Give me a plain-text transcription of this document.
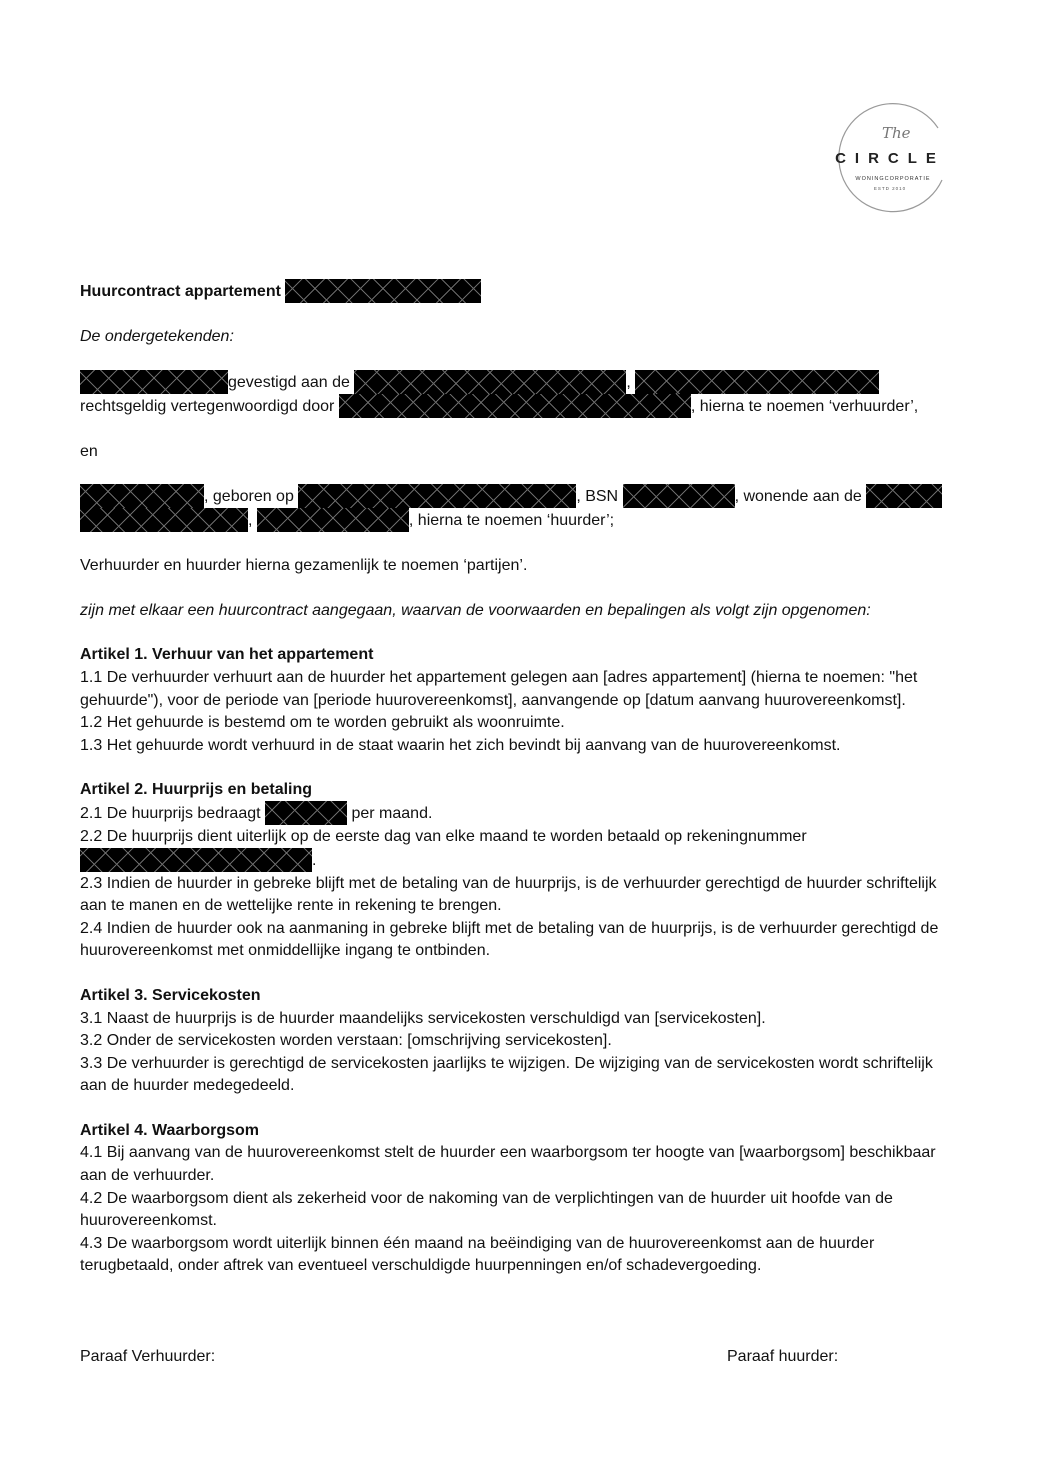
The
CIRCLE
WONINGCORPORATIE
ESTD 2010
Huurcontract appartement

De ondergetekenden:

gevestigd aan de	,
rechtsgeldig vertegenwoordigd door	, hierna te noemen ‘verhuurder’,

en

, geboren op	, BSN	, wonende aan de
,	, hierna te noemen ‘huurder’;

Verhuurder en huurder hierna gezamenlijk te noemen ‘partijen’.

zijn met elkaar een huurcontract aangegaan, waarvan de voorwaarden en bepalingen als volgt zijn opgenomen:

Artikel 1. Verhuur van het appartement

1.1 De verhuurder verhuurt aan de huurder het appartement gelegen aan [adres appartement] (hierna te noemen: "het gehuurde"), voor de periode van [periode huurovereenkomst], aanvangende op [datum aanvang huurovereenkomst].

1.2 Het gehuurde is bestemd om te worden gebruikt als woonruimte.

1.3 Het gehuurde wordt verhuurd in de staat waarin het zich bevindt bij aanvang van de huurovereenkomst.

Artikel 2. Huurprijs en betaling

2.1 De huurprijs bedraagt	per maand.

2.2 De huurprijs dient uiterlijk op de eerste dag van elke maand te worden betaald op rekeningnummer

.

2.3 Indien de huurder in gebreke blijft met de betaling van de huurprijs, is de verhuurder gerechtigd de huurder schriftelijk aan te manen en de wettelijke rente in rekening te brengen.

2.4 Indien de huurder ook na aanmaning in gebreke blijft met de betaling van de huurprijs, is de verhuurder gerechtigd de huurovereenkomst met onmiddellijke ingang te ontbinden.

Artikel 3. Servicekosten

3.1 Naast de huurprijs is de huurder maandelijks servicekosten verschuldigd van [servicekosten].

3.2 Onder de servicekosten worden verstaan: [omschrijving servicekosten].

3.3 De verhuurder is gerechtigd de servicekosten jaarlijks te wijzigen. De wijziging van de servicekosten wordt schriftelijk aan de huurder medegedeeld.

Artikel 4. Waarborgsom

4.1 Bij aanvang van de huurovereenkomst stelt de huurder een waarborgsom ter hoogte van [waarborgsom] beschikbaar aan de verhuurder.

4.2 De waarborgsom dient als zekerheid voor de nakoming van de verplichtingen van de huurder uit hoofde van de huurovereenkomst.

4.3 De waarborgsom wordt uiterlijk binnen één maand na beëindiging van de huurovereenkomst aan de huurder terugbetaald, onder aftrek van eventueel verschuldigde huurpenningen en/of schadevergoeding.

Paraaf Verhuurder:	Paraaf huurder:
